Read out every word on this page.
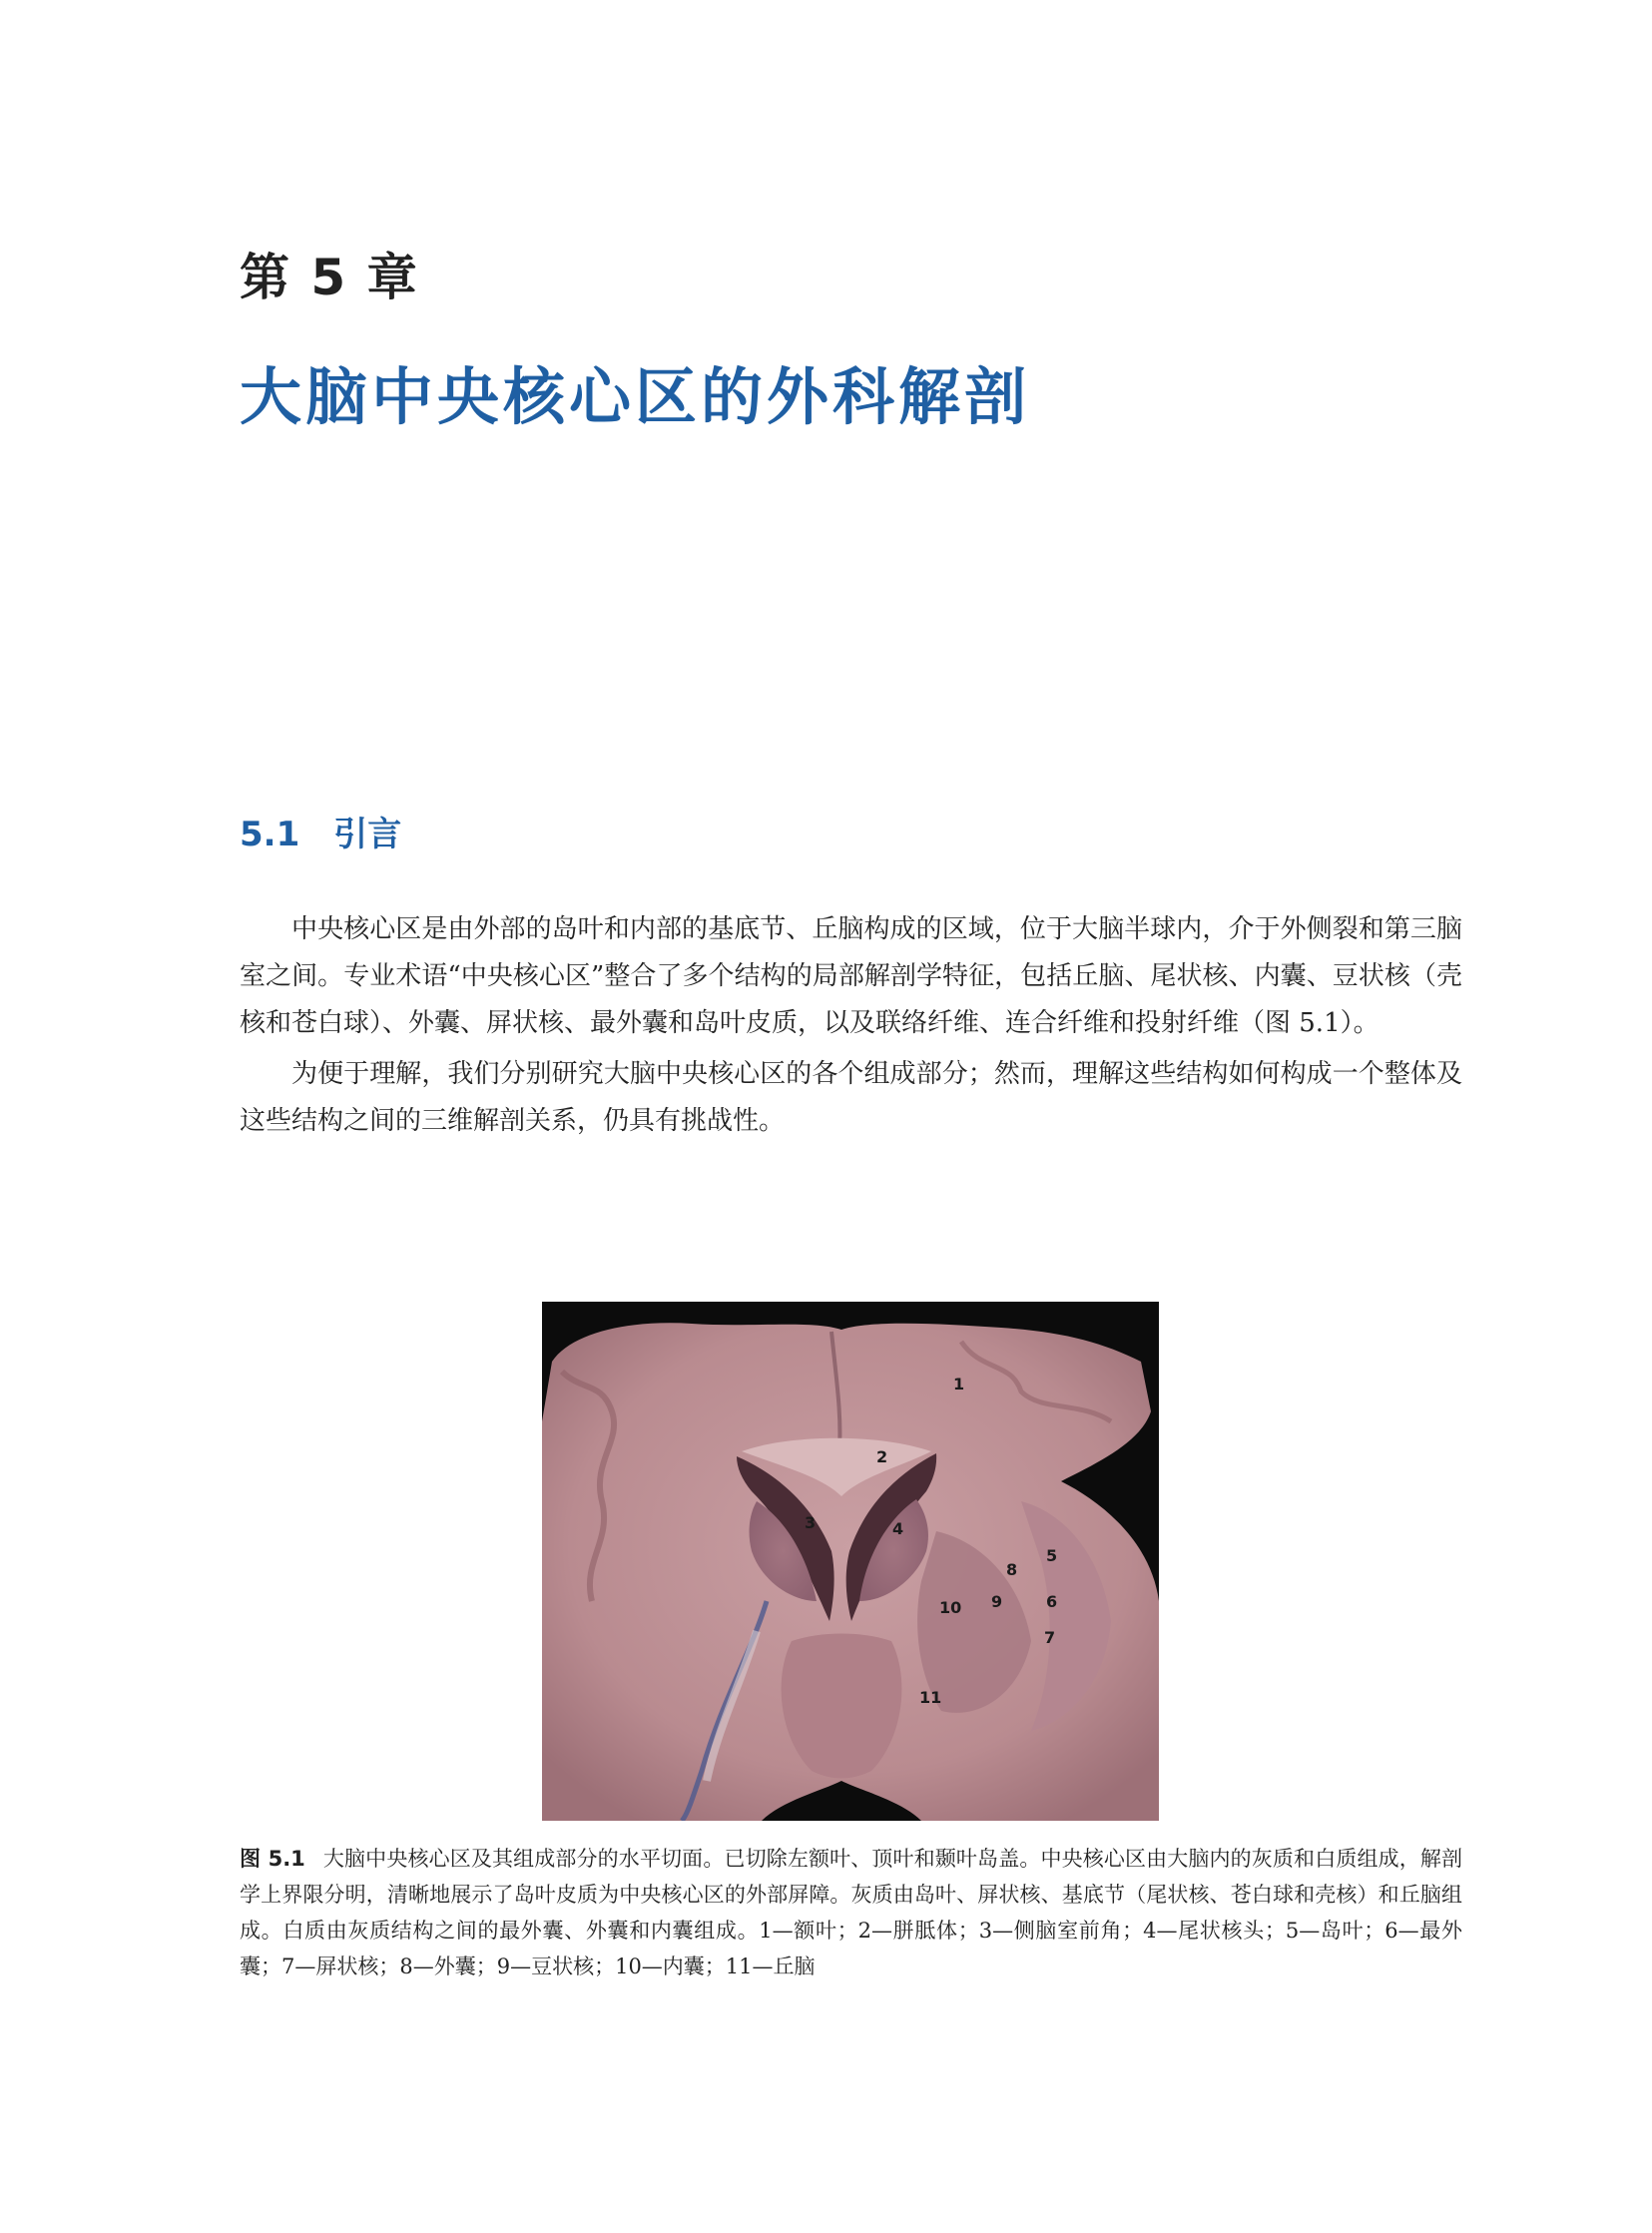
第 5 章
大脑中央核心区的外科解剖
5.1 引言

中央核心区是由外部的岛叶和内部的基底节、丘脑构成的区域，位于大脑半球内，介于外侧裂和第三脑室之间。专业术语“中央核心区”整合了多个结构的局部解剖学特征，包括丘脑、尾状核、内囊、豆状核（壳核和苍白球）、外囊、屏状核、最外囊和岛叶皮质，以及联络纤维、连合纤维和投射纤维（图 5.1）。

为便于理解，我们分别研究大脑中央核心区的各个组成部分；然而，理解这些结构如何构成一个整体及这些结构之间的三维解剖关系，仍具有挑战性。

1
2
3	4
5
6
7
8
9
10
11
图 5.1 大脑中央核心区及其组成部分的水平切面。已切除左额叶、顶叶和颞叶岛盖。中央核心区由大脑内的灰质和白质组成，解剖学上界限分明，清晰地展示了岛叶皮质为中央核心区的外部屏障。灰质由岛叶、屏状核、基底节（尾状核、苍白球和壳核）和丘脑组成。白质由灰质结构之间的最外囊、外囊和内囊组成。1—额叶；2—胼胝体；3—侧脑室前角；4—尾状核头；5—岛叶；6—最外囊；7—屏状核；8—外囊；9—豆状核；10—内囊；11—丘脑
